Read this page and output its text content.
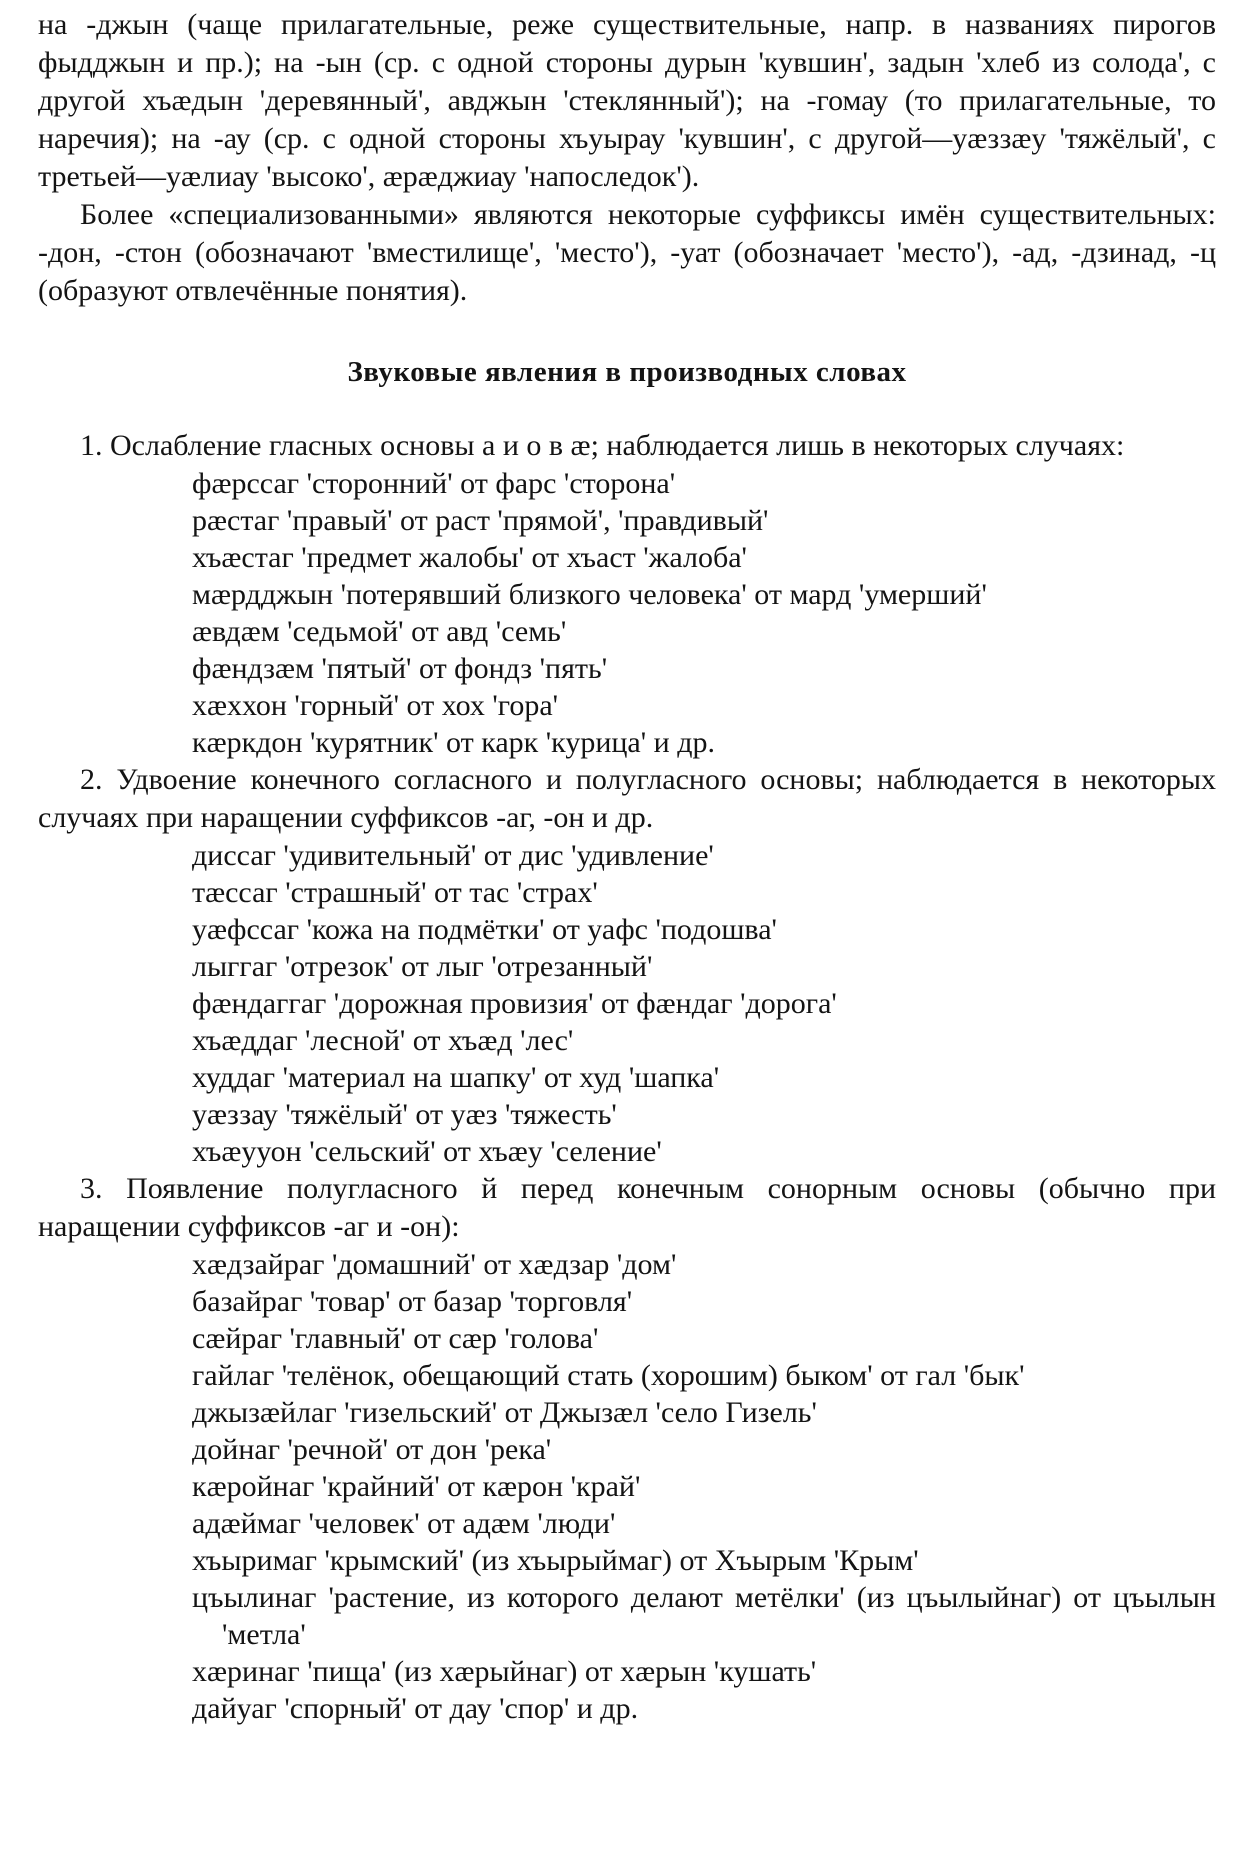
на -джын (чаще прилагательные, реже существительные, напр. в названиях пирогов фыдджын и пр.); на -ын (ср. с одной стороны дурын 'кувшин', задын 'хлеб из солода', с другой хъæдын 'деревянный', авджын 'стеклянный'); на -гомау (то прилагательные, то наречия); на -ау (ср. с одной стороны хъуырау 'кувшин', с другой—уæззæу 'тяжёлый', с третьей—уæлиау 'высоко', æрæджиау 'напоследок').

Более «специализованными» являются некоторые суффиксы имён существительных: -дон, -стон (обозначают 'вместилище', 'место'), -уат (обозначает 'место'), -ад, -дзинад, -ц (образуют отвлечённые понятия).

Звуковые явления в производных словах

1. Ослабление гласных основы а и о в æ; наблюдается лишь в некоторых случаях:

фæрссаг 'сторонний' от фарс 'сторона'
рæстаг 'правый' от раст 'прямой', 'правдивый'
хъæстаг 'предмет жалобы' от хъаст 'жалоба'
мæрдджын 'потерявший близкого человека' от мард 'умерший'
æвдæм 'седьмой' от авд 'семь'
фæндзæм 'пятый' от фондз 'пять'
хæххон 'горный' от хох 'гора'
кæркдон 'курятник' от карк 'курица' и др.

2. Удвоение конечного согласного и полугласного основы; наблюдается в некоторых случаях при наращении суффиксов -аг, -он и др.

диссаг 'удивительный' от дис 'удивление'
тæссаг 'страшный' от тас 'страх'
уæфссаг 'кожа на подмётки' от уафс 'подошва'
лыггаг 'отрезок' от лыг 'отрезанный'
фæндаггаг 'дорожная провизия' от фæндаг 'дорога'
хъæддаг 'лесной' от хъæд 'лес'
худдаг 'материал на шапку' от худ 'шапка'
уæззау 'тяжёлый' от уæз 'тяжесть'
хъæууон 'сельский' от хъæу 'селение'

3. Появление полугласного й перед конечным сонорным основы (обычно при наращении суффиксов -аг и -он):

хæдзайраг 'домашний' от хæдзар 'дом'
базайраг 'товар' от базар 'торговля'
сæйраг 'главный' от сæр 'голова'
гайлаг 'телёнок, обещающий стать (хорошим) быком' от гал 'бык'
джызæйлаг 'гизельский' от Джызæл 'село Гизель'
дойнаг 'речной' от дон 'река'
кæройнаг 'крайний' от кæрон 'край'
адæймаг 'человек' от адæм 'люди'
хъыримаг 'крымский' (из хъырыймаг) от Хъырым 'Крым'
цъылинаг 'растение, из которого делают метёлки' (из цъылыйнаг) от цъылын 'метла'
хæринаг 'пища' (из хæрыйнаг) от хæрын 'кушать'
дайуаг 'спорный' от дау 'спор' и др.
